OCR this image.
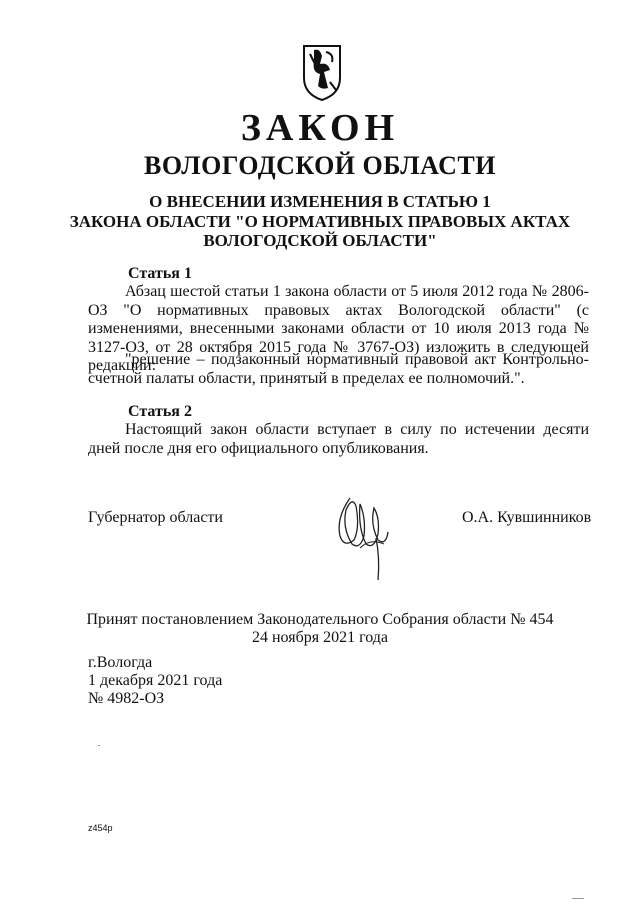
ЗАКОН
ВОЛОГОДСКОЙ ОБЛАСТИ
О ВНЕСЕНИИ ИЗМЕНЕНИЯ В СТАТЬЮ 1
ЗАКОНА ОБЛАСТИ "О НОРМАТИВНЫХ ПРАВОВЫХ АКТАХ
ВОЛОГОДСКОЙ ОБЛАСТИ"
Статья 1
Абзац шестой статьи 1 закона области от 5 июля 2012 года № 2806-ОЗ "О нормативных правовых актах Вологодской области" (с изменениями, внесенными законами области от 10 июля 2013 года № 3127-ОЗ, от 28 октября 2015 года № 3767-ОЗ) изложить в следующей редакции:
"решение – подзаконный нормативный правовой акт Контрольно-счетной палаты области, принятый в пределах ее полномочий.".
Статья 2
Настоящий закон области вступает в силу по истечении десяти дней после дня его официального опубликования.
Губернатор области	О.А. Кувшинников
Принят постановлением Законодательного Собрания области № 454
24 ноября 2021 года
г.Вологда
1 декабря 2021 года
№ 4982-ОЗ
z454p
